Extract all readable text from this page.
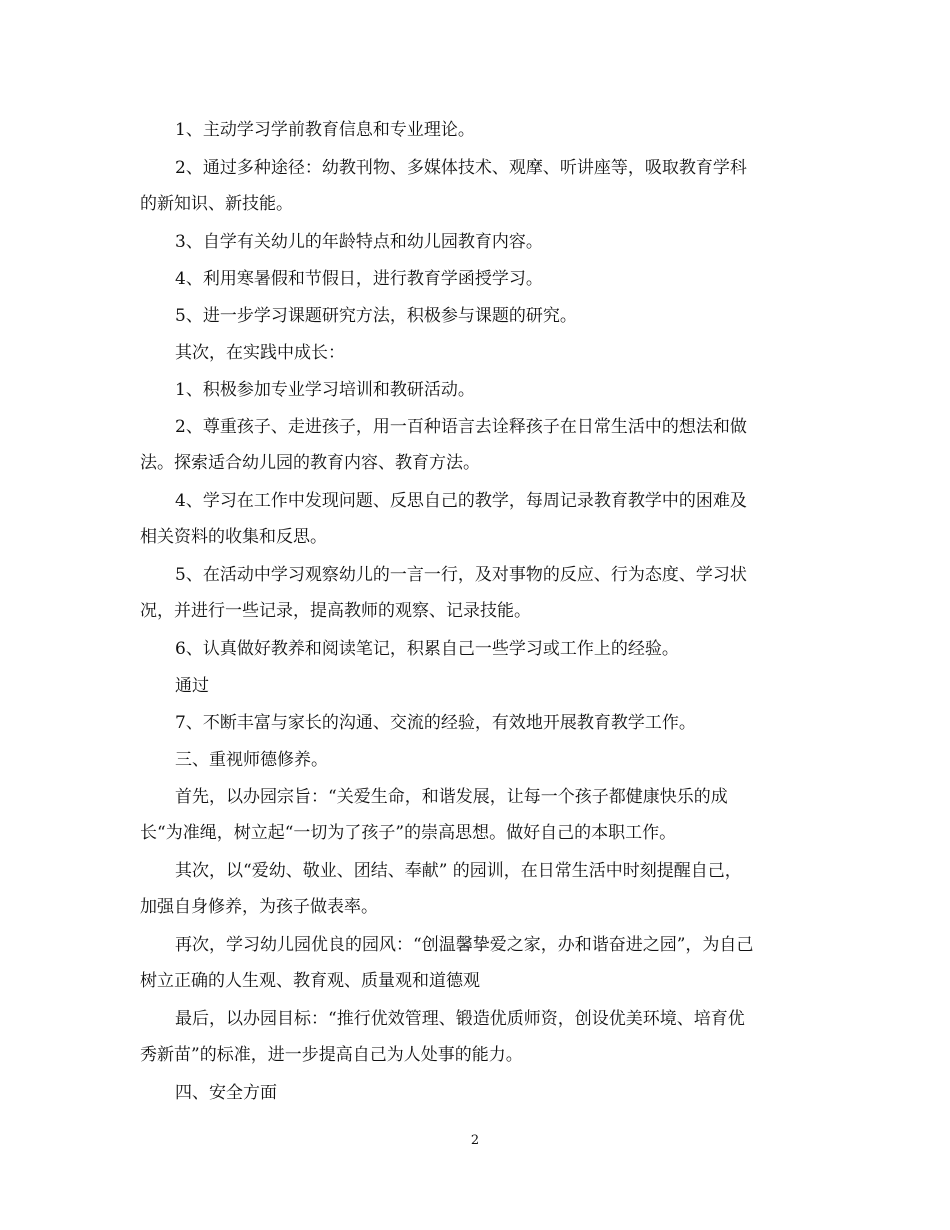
1、主动学习学前教育信息和专业理论。
2、通过多种途径：幼教刊物、多媒体技术、观摩、听讲座等，吸取教育学科
的新知识、新技能。
3、自学有关幼儿的年龄特点和幼儿园教育内容。
4、利用寒暑假和节假日，进行教育学函授学习。
5、进一步学习课题研究方法，积极参与课题的研究。
其次，在实践中成长：
1、积极参加专业学习培训和教研活动。
2、尊重孩子、走进孩子，用一百种语言去诠释孩子在日常生活中的想法和做
法。探索适合幼儿园的教育内容、教育方法。
4、学习在工作中发现问题、反思自己的教学，每周记录教育教学中的困难及
相关资料的收集和反思。
5、在活动中学习观察幼儿的一言一行，及对事物的反应、行为态度、学习状
况，并进行一些记录，提高教师的观察、记录技能。
6、认真做好教养和阅读笔记，积累自己一些学习或工作上的经验。
通过
7、不断丰富与家长的沟通、交流的经验，有效地开展教育教学工作。
三、重视师德修养。
首先，以办园宗旨：“关爱生命，和谐发展，让每一个孩子都健康快乐的成
长“为准绳，树立起“一切为了孩子”的崇高思想。做好自己的本职工作。
其次，以“爱幼、敬业、团结、奉献” 的园训，在日常生活中时刻提醒自己，
加强自身修养，为孩子做表率。
再次，学习幼儿园优良的园风：“创温馨挚爱之家，办和谐奋进之园”，为自己
树立正确的人生观、教育观、质量观和道德观
最后，以办园目标：“推行优效管理、锻造优质师资，创设优美环境、培育优
秀新苗”的标准，进一步提高自己为人处事的能力。
四、安全方面
2
